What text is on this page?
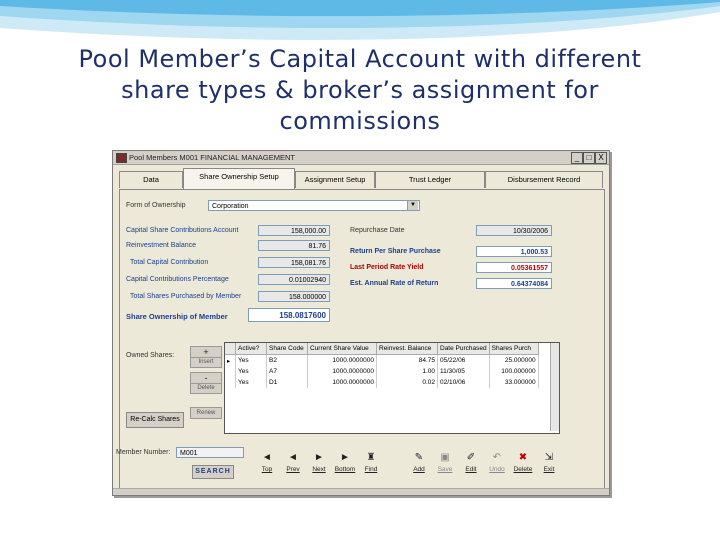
Pool Member’s Capital Account with different
share types & broker’s assignment for
commissions
Pool Members M001 FINANCIAL MANAGEMENT	_ □ X
Data	Share Ownership Setup	Assignment Setup	Trust Ledger	Disbursement Record
Form of Ownership	Corporation	▼
Capital Share Contributions Account	158,000.00
Reinvestment Balance	81.76
Total Capital Contribution	158,081.76
Capital Contributions Percentage	0.01002940
Total Shares Purchased by Member	158.000000
Share Ownership of Member	158.0817600
Repurchase Date	10/30/2006
Return Per Share Purchase	1,000.53
Last Period Rate Yield	0.05361557
Est. Annual Rate of Return	0.64374084
Owned Shares:	+
Insert
-
Delete
Renew
Re-Calc Shares
	Active?	Share Code	Current Share Value	Reinvest. Balance	Date Purchased	Shares Purch
▸	Yes	B2	1000.0000000	84.75	05/22/06	25.000000
	Yes	A7	1000.0000000	1.00	11/30/05	100.000000
	Yes	D1	1000.0000000	0.02	02/10/06	33.000000
Member Number:	M001
SEARCH
◄
Top
◄
Prev
►
Next
►
Bottom
♜
Find
✎
Add
▣
Save
✐
Edit
↶
Undo
✖
Delete
⇲
Exit
